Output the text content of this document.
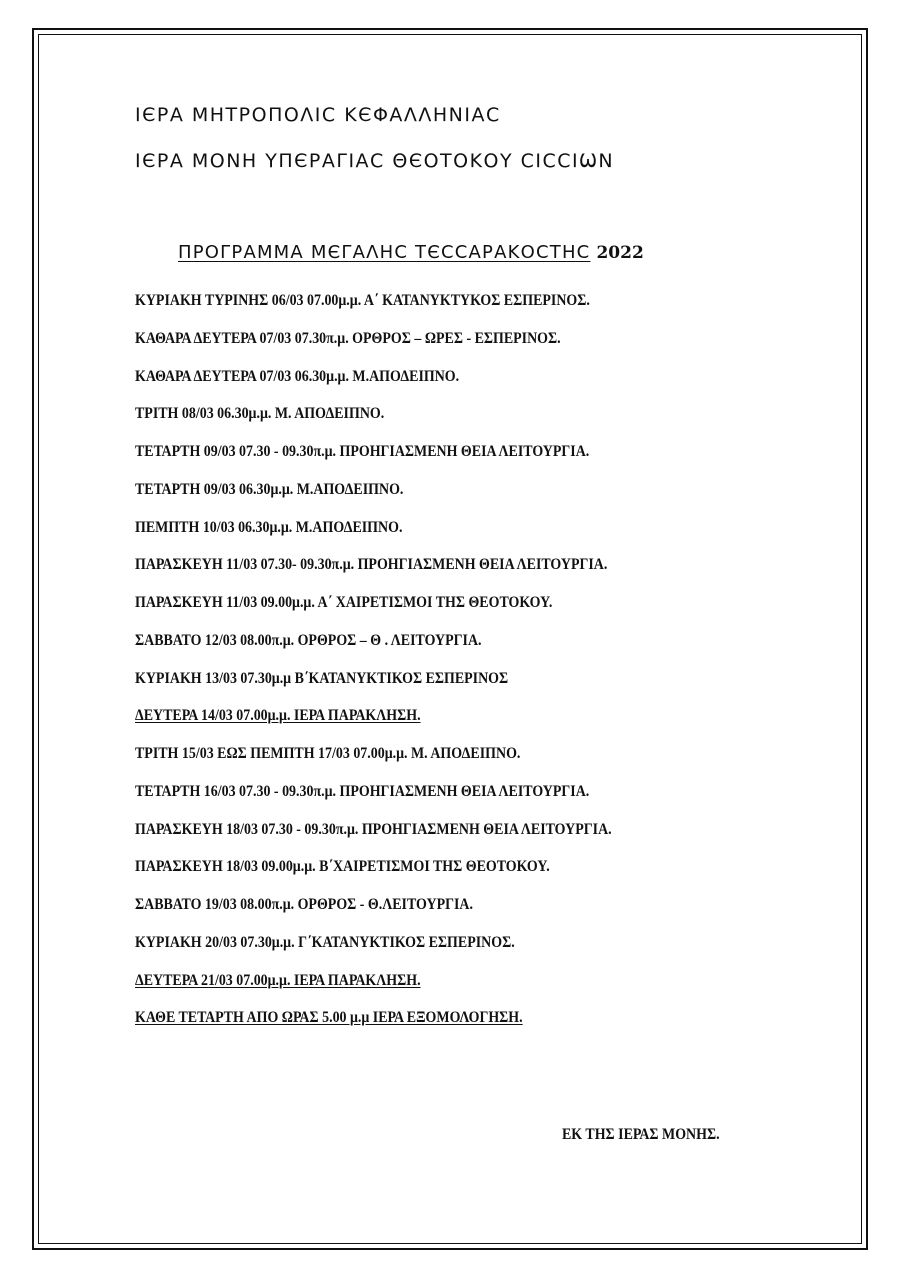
ΙЄΡΑ ΜΗΤΡΟΠΟΛΙϹ ΚЄΦΑΛΛΗΝΙΑϹ
ΙЄΡΑ ΜΟΝΗ ΥΠЄΡΑΓΙΑϹ ΘЄΟΤΟΚΟΥ ϹΙϹϹΙѠΝ
ΠΡΟΓΡΑΜΜΑ ΜЄΓΑΛΗϹ ΤЄϹϹΑΡΑΚΟϹΤΗϹ 2022
ΚΥΡΙΑΚΗ ΤΥΡΙΝΗΣ 06/03 07.00μ.μ. Α΄ ΚΑΤΑΝΥΚΤΥΚΟΣ ΕΣΠΕΡΙΝΟΣ.
ΚΑΘΑΡΑ ΔΕΥΤΕΡΑ 07/03 07.30π.μ. ΟΡΘΡΟΣ – ΩΡΕΣ - ΕΣΠΕΡΙΝΟΣ.
ΚΑΘΑΡΑ ΔΕΥΤΕΡΑ 07/03 06.30μ.μ. Μ.ΑΠΟΔΕΙΠΝΟ.
ΤΡΙΤΗ 08/03 06.30μ.μ. Μ. ΑΠΟΔΕΙΠΝΟ.
ΤΕΤΑΡΤΗ 09/03 07.30 - 09.30π.μ. ΠΡΟΗΓΙΑΣΜΕΝΗ ΘΕΙΑ ΛΕΙΤΟΥΡΓΙΑ.
ΤΕΤΑΡΤΗ 09/03 06.30μ.μ. Μ.ΑΠΟΔΕΙΠΝΟ.
ΠΕΜΠΤΗ 10/03 06.30μ.μ. Μ.ΑΠΟΔΕΙΠΝΟ.
ΠΑΡΑΣΚΕΥΗ 11/03 07.30- 09.30π.μ. ΠΡΟΗΓΙΑΣΜΕΝΗ ΘΕΙΑ ΛΕΙΤΟΥΡΓΙΑ.
ΠΑΡΑΣΚΕΥΗ 11/03 09.00μ.μ. Α΄ ΧΑΙΡΕΤΙΣΜΟΙ ΤΗΣ ΘΕΟΤΟΚΟΥ.
ΣΑΒΒΑΤΟ 12/03 08.00π.μ. ΟΡΘΡΟΣ – Θ . ΛΕΙΤΟΥΡΓΙΑ.
ΚΥΡΙΑΚΗ 13/03 07.30μ.μ Β΄ΚΑΤΑΝΥΚΤΙΚΟΣ ΕΣΠΕΡΙΝΟΣ
ΔΕΥΤΕΡΑ 14/03 07.00μ.μ. ΙΕΡΑ ΠΑΡΑΚΛΗΣΗ.
ΤΡΙΤΗ 15/03 ΕΩΣ ΠΕΜΠΤΗ 17/03 07.00μ.μ. Μ. ΑΠΟΔΕΙΠΝΟ.
ΤΕΤΑΡΤΗ 16/03 07.30 - 09.30π.μ. ΠΡΟΗΓΙΑΣΜΕΝΗ ΘΕΙΑ ΛΕΙΤΟΥΡΓΙΑ.
ΠΑΡΑΣΚΕΥΗ 18/03 07.30 - 09.30π.μ. ΠΡΟΗΓΙΑΣΜΕΝΗ ΘΕΙΑ ΛΕΙΤΟΥΡΓΙΑ.
ΠΑΡΑΣΚΕΥΗ 18/03 09.00μ.μ. Β΄ΧΑΙΡΕΤΙΣΜΟΙ ΤΗΣ ΘΕΟΤΟΚΟΥ.
ΣΑΒΒΑΤΟ 19/03 08.00π.μ. ΟΡΘΡΟΣ - Θ.ΛΕΙΤΟΥΡΓΙΑ.
ΚΥΡΙΑΚΗ 20/03 07.30μ.μ. Γ΄ΚΑΤΑΝΥΚΤΙΚΟΣ ΕΣΠΕΡΙΝΟΣ.
ΔΕΥΤΕΡΑ 21/03 07.00μ.μ. ΙΕΡΑ ΠΑΡΑΚΛΗΣΗ.
ΚΑΘΕ ΤΕΤΑΡΤΗ ΑΠΟ ΩΡΑΣ 5.00 μ.μ ΙΕΡΑ ΕΞΟΜΟΛΟΓΗΣΗ.
ΕΚ ΤΗΣ ΙΕΡΑΣ ΜΟΝΗΣ.
